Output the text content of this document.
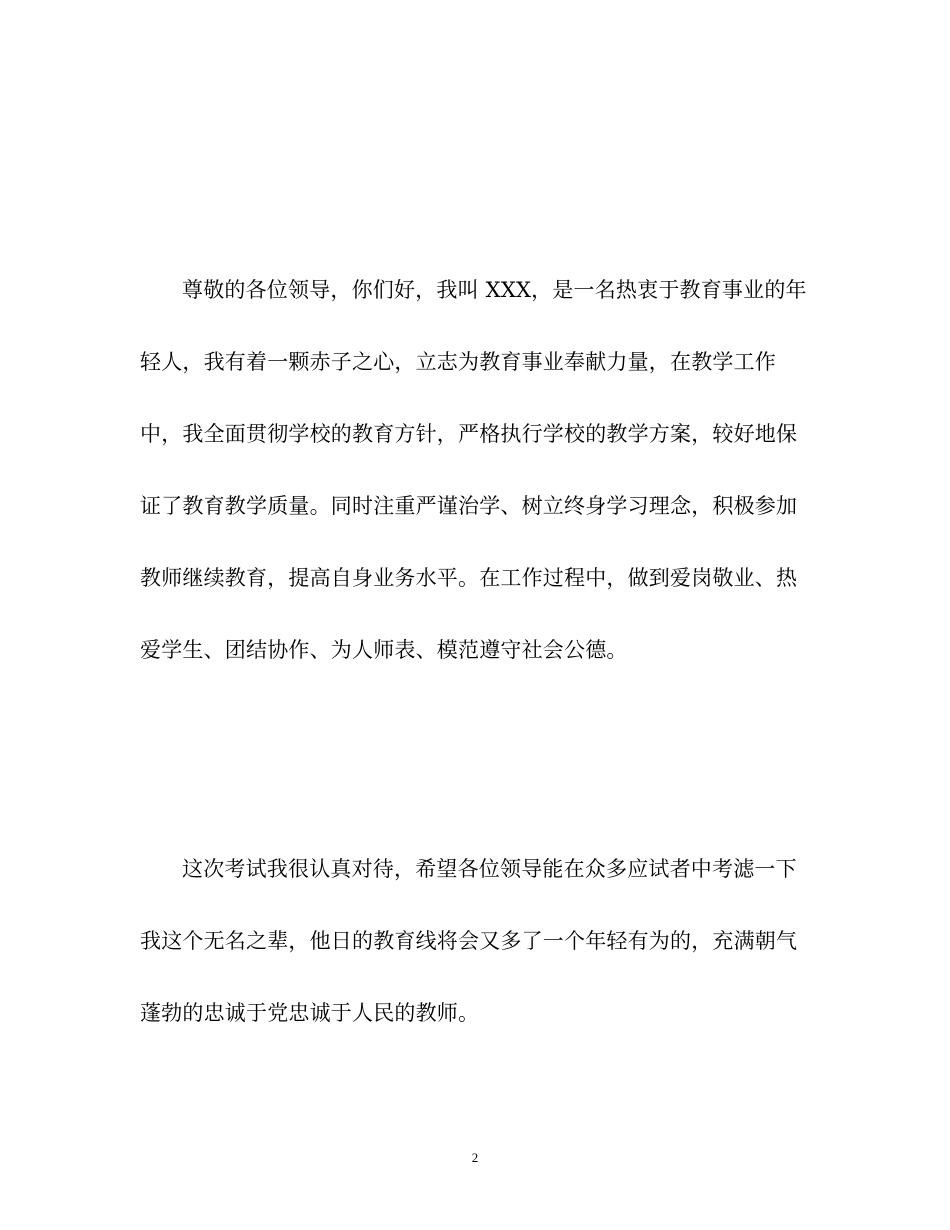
尊敬的各位领导，你们好，我叫 XXX，是一名热衷于教育事业的年
轻人，我有着一颗赤子之心，立志为教育事业奉献力量，在教学工作
中，我全面贯彻学校的教育方针，严格执行学校的教学方案，较好地保
证了教育教学质量。同时注重严谨治学、树立终身学习理念，积极参加
教师继续教育，提高自身业务水平。在工作过程中，做到爱岗敬业、热
爱学生、团结协作、为人师表、模范遵守社会公德。
这次考试我很认真对待，希望各位领导能在众多应试者中考滤一下
我这个无名之辈，他日的教育线将会又多了一个年轻有为的，充满朝气
蓬勃的忠诚于党忠诚于人民的教师。
2
